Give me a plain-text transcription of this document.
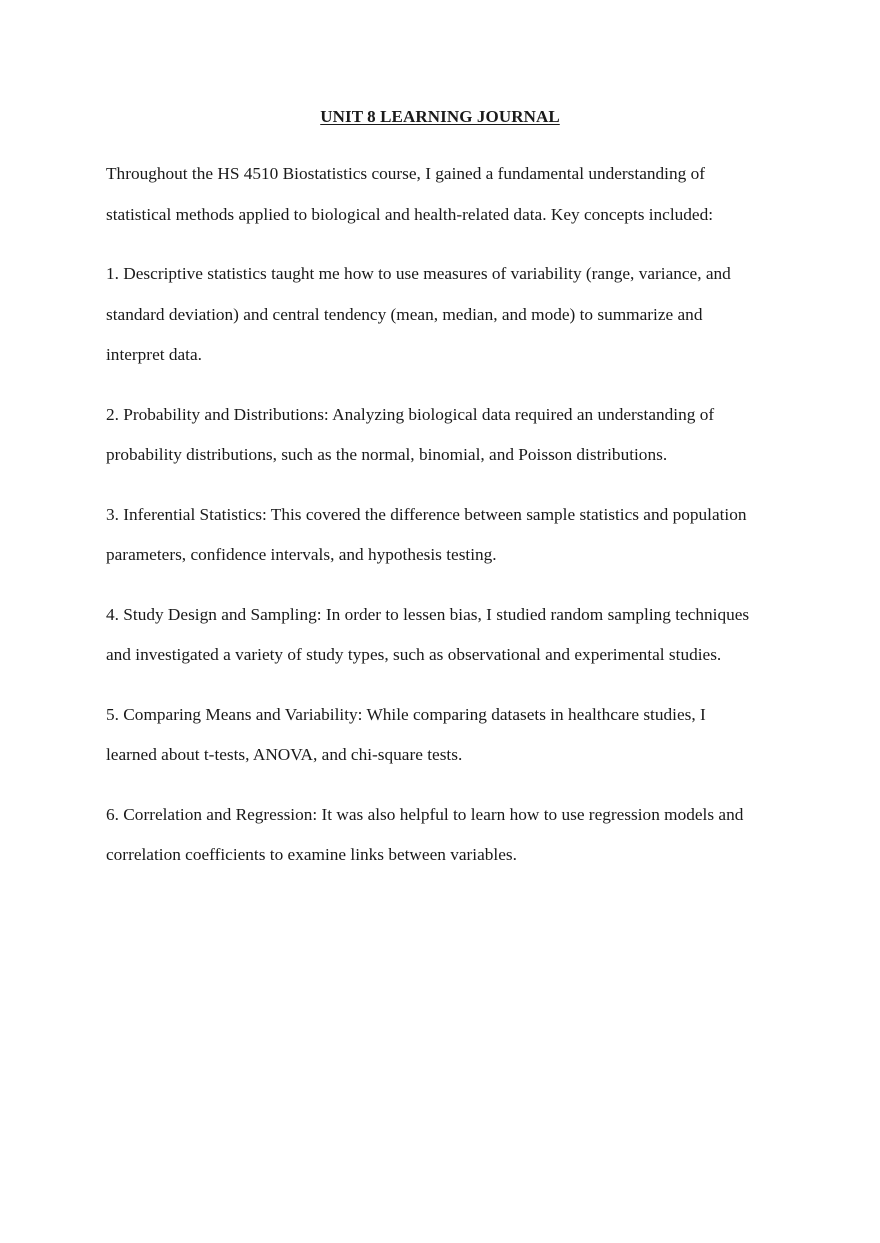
UNIT 8 LEARNING JOURNAL

Throughout the HS 4510 Biostatistics course, I gained a fundamental understanding of
statistical methods applied to biological and health-related data. Key concepts included:

1. Descriptive statistics taught me how to use measures of variability (range, variance, and
standard deviation) and central tendency (mean, median, and mode) to summarize and
interpret data.

2. Probability and Distributions: Analyzing biological data required an understanding of
probability distributions, such as the normal, binomial, and Poisson distributions.

3. Inferential Statistics: This covered the difference between sample statistics and population
parameters, confidence intervals, and hypothesis testing.

4. Study Design and Sampling: In order to lessen bias, I studied random sampling techniques
and investigated a variety of study types, such as observational and experimental studies.

5. Comparing Means and Variability: While comparing datasets in healthcare studies, I
learned about t-tests, ANOVA, and chi-square tests.

6. Correlation and Regression: It was also helpful to learn how to use regression models and
correlation coefficients to examine links between variables.
